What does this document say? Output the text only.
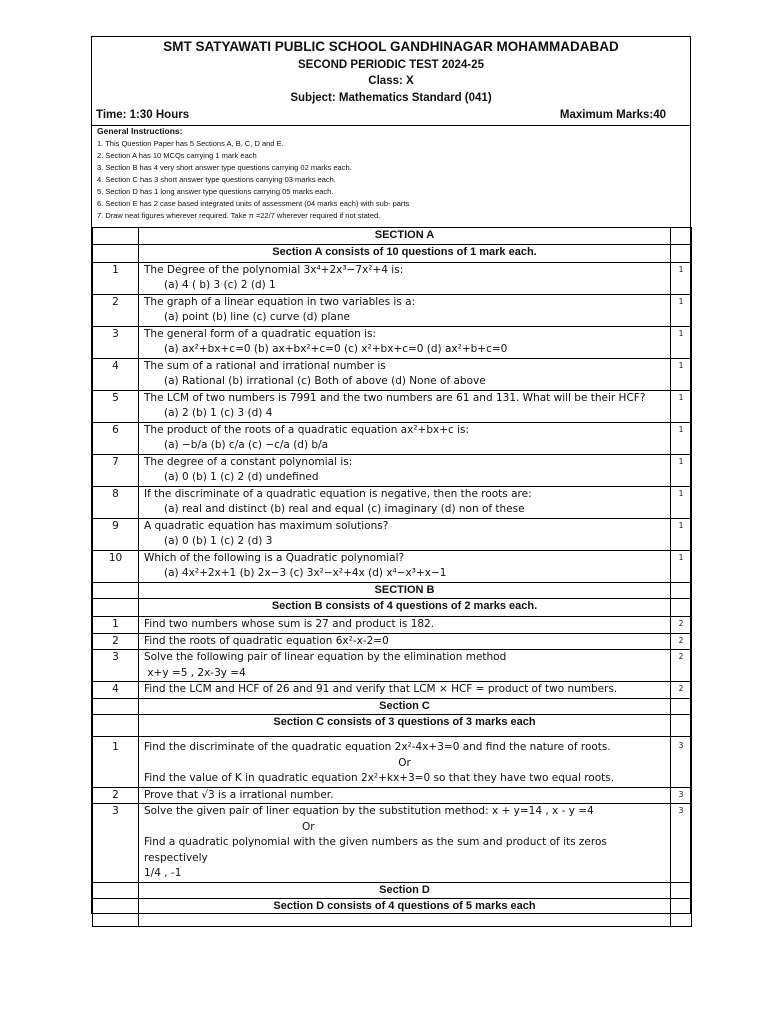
SMT SATYAWATI PUBLIC SCHOOL GANDHINAGAR MOHAMMADABAD
SECOND PERIODIC TEST 2024-25
Class: X
Subject: Mathematics Standard (041)
Time: 1:30 Hours	Maximum Marks:40
General Instructions:
1. This Question Paper has 5 Sections A, B, C, D and E.
2. Section A has 10 MCQs carrying 1 mark each
3. Section B has 4 very short answer type questions carrying 02 marks each.
4. Section C has 3 short answer type questions carrying 03 marks each.
5. Section D has 1 long answer type questions carrying 05 marks each.
6. Section E has 2 case based integrated units of assessment (04 marks each) with sub- parts
7. Draw neat figures wherever required. Take π =22/7 wherever required if not stated.
	SECTION A	
	Section A consists of 10 questions of 1 mark each.	
1	The Degree of the polynomial 3x⁴+2x³−7x²+4 is:
(a) 4 ( b) 3 (c) 2 (d) 1	1
2	The graph of a linear equation in two variables is a:
(a) point (b) line (c) curve (d) plane	1
3	The general form of a quadratic equation is:
(a) ax²+bx+c=0 (b) ax+bx²+c=0 (c) x²+bx+c=0 (d) ax²+b+c=0	1
4	The sum of a rational and irrational number is
(a) Rational (b) irrational (c) Both of above (d) None of above	1
5	The LCM of two numbers is 7991 and the two numbers are 61 and 131. What will be their HCF?
(a) 2 (b) 1 (c) 3 (d) 4	1
6	The product of the roots of a quadratic equation ax²+bx+c is:
(a) −b/a (b) c/a (c) −c/a (d) b/a	1
7	The degree of a constant polynomial is:
(a) 0 (b) 1 (c) 2 (d) undefined	1
8	If the discriminate of a quadratic equation is negative, then the roots are:
(a) real and distinct (b) real and equal (c) imaginary (d) non of these	1
9	A quadratic equation has maximum solutions?
(a) 0 (b) 1 (c) 2 (d) 3	1
10	Which of the following is a Quadratic polynomial?
(a) 4x²+2x+1 (b) 2x−3 (c) 3x²−x²+4x (d) x⁴−x³+x−1	1
	SECTION B	
	Section B consists of 4 questions of 2 marks each.	
1	Find two numbers whose sum is 27 and product is 182.	2
2	Find the roots of quadratic equation 6x²-x-2=0	2
3	Solve the following pair of linear equation by the elimination method
x+y =5 , 2x-3y =4	2
4	Find the LCM and HCF of 26 and 91 and verify that LCM × HCF = product of two numbers.	2
	Section C	
	Section C consists of 3 questions of 3 marks each	
1	Find the discriminate of the quadratic equation 2x²-4x+3=0 and find the nature of roots.
Or
Find the value of K in quadratic equation 2x²+kx+3=0 so that they have two equal roots.	3
2	Prove that √3 is a irrational number.	3
3	Solve the given pair of liner equation by the substitution method: x + y=14 , x - y =4
Or
Find a quadratic polynomial with the given numbers as the sum and product of its zeros respectively
1/4 , -1	3
	Section D	
	Section D consists of 4 questions of 5 marks each	
